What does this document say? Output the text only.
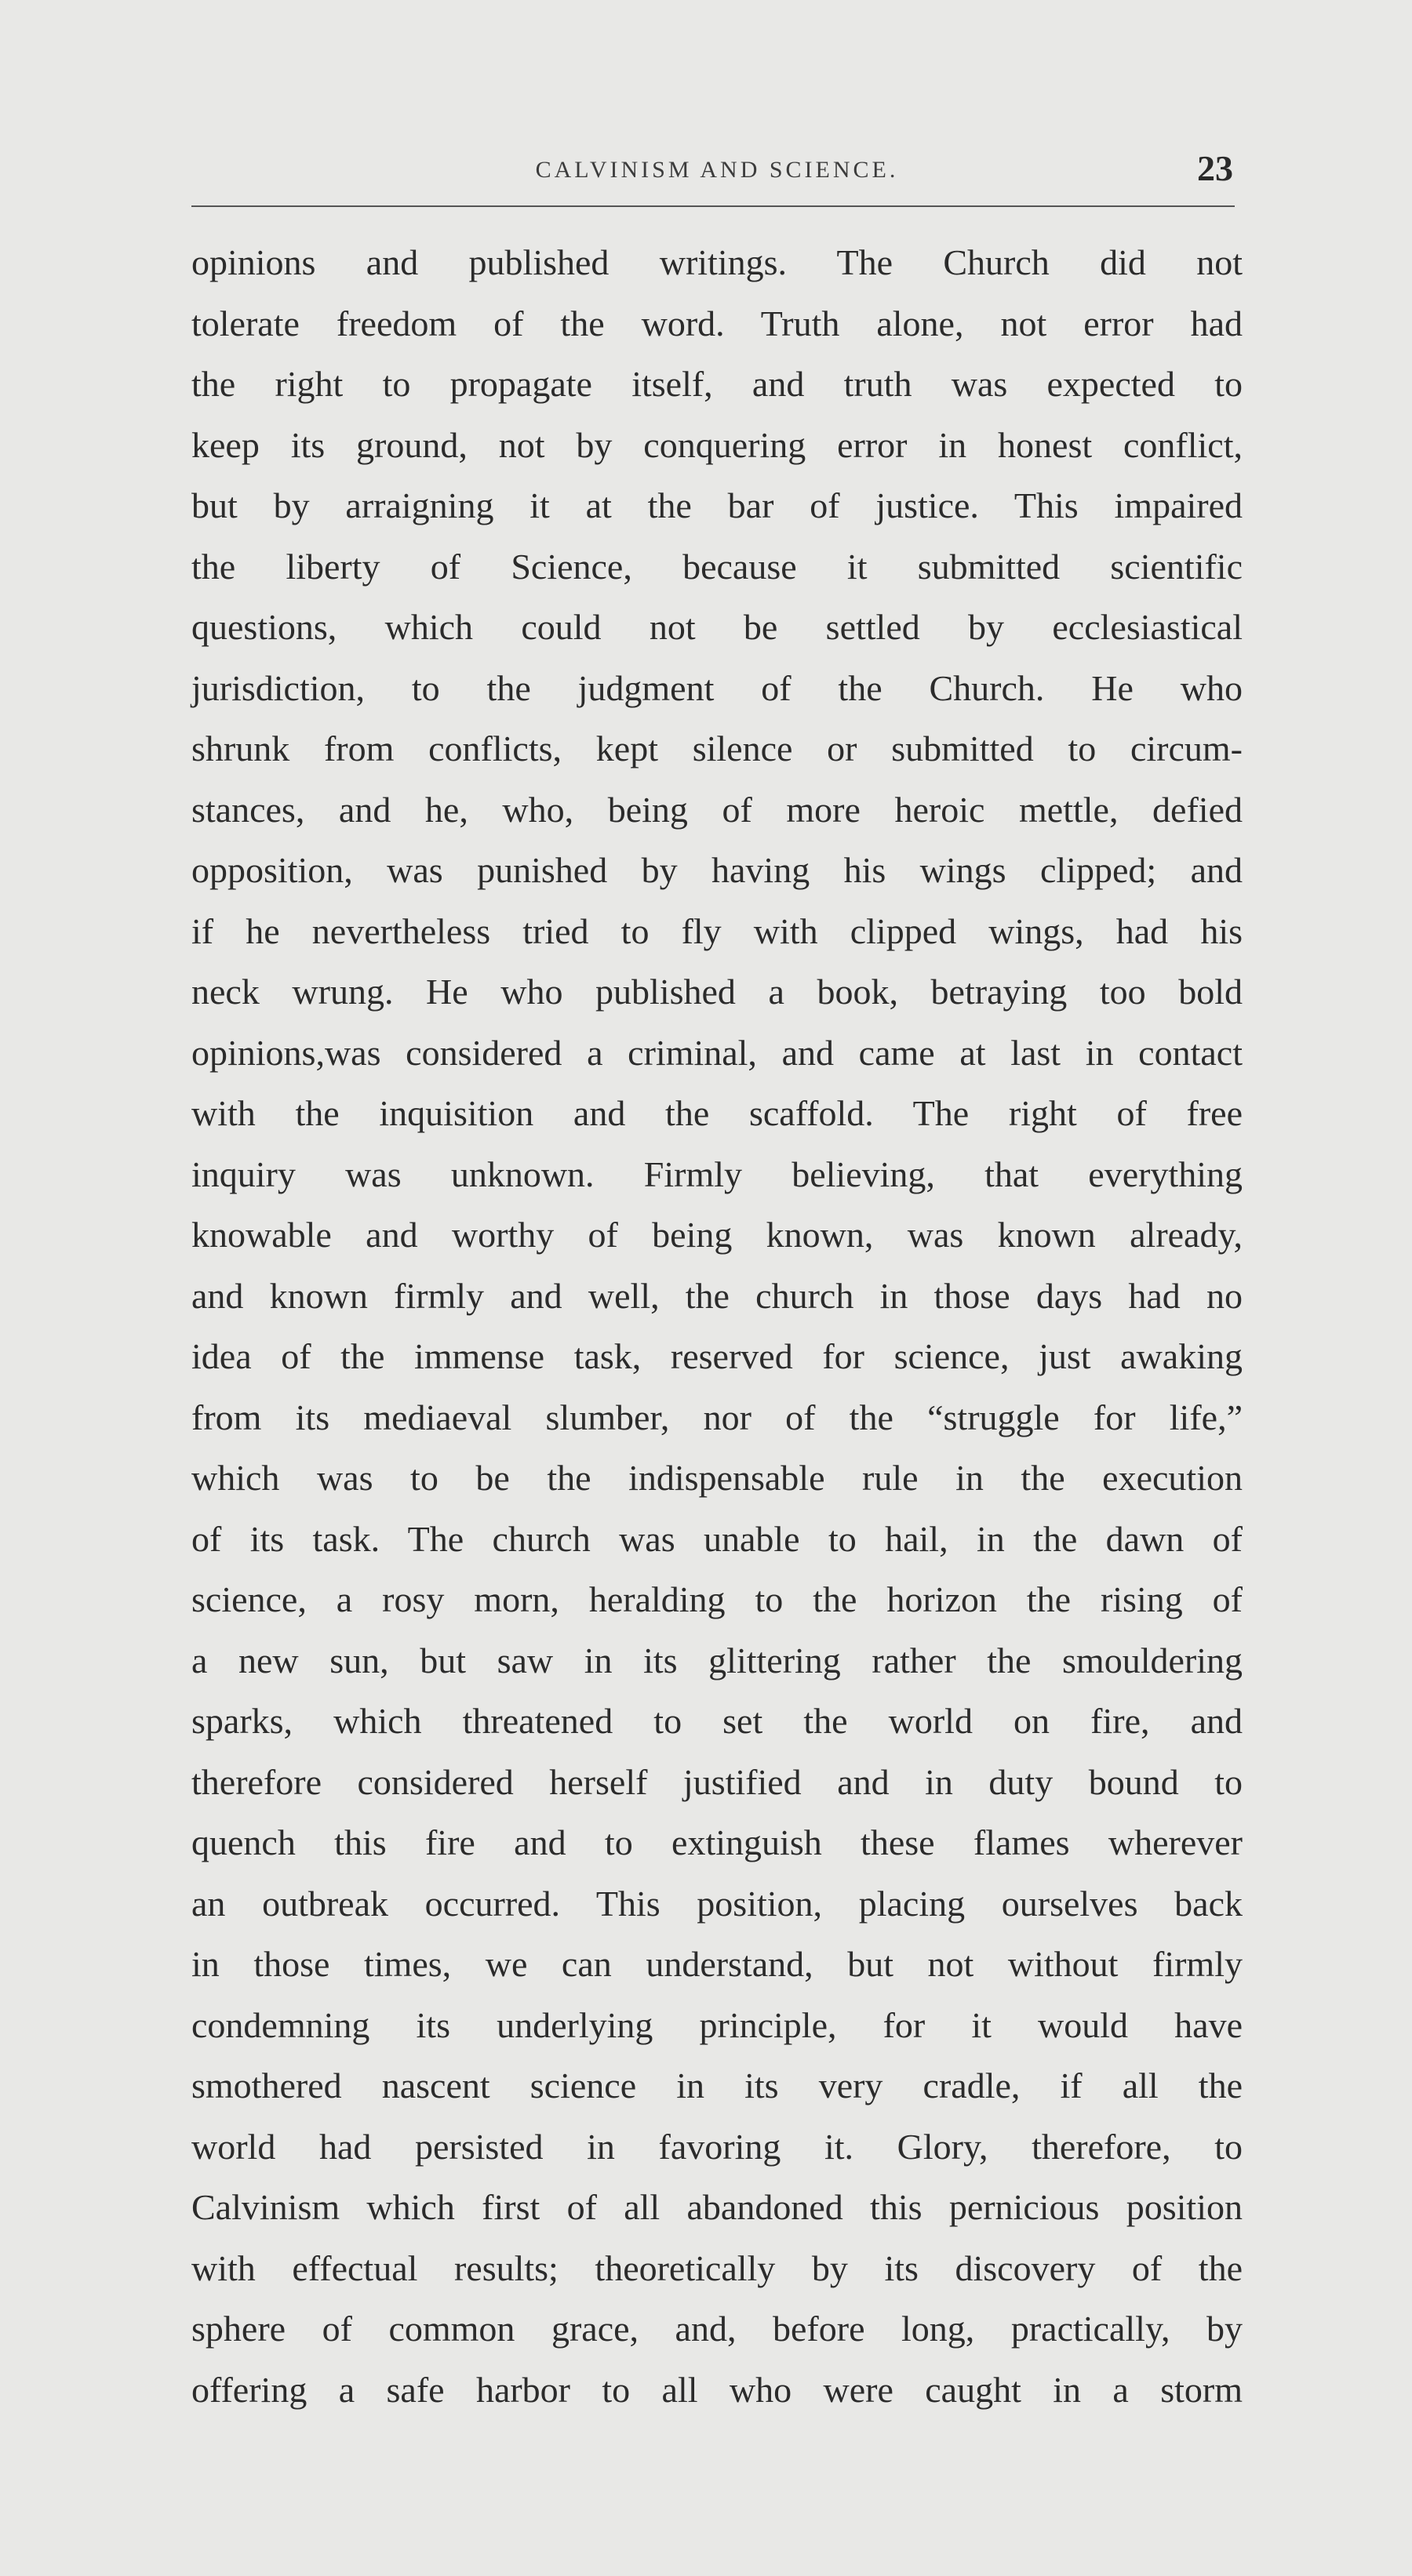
CALVINISM AND SCIENCE.	23
opinions and published writings. The Church did not
tolerate freedom of the word. Truth alone, not error had
the right to propagate itself, and truth was expected to
keep its ground, not by conquering error in honest conflict,
but by arraigning it at the bar of justice. This impaired
the liberty of Science, because it submitted scientific
questions, which could not be settled by ecclesiastical
jurisdiction, to the judgment of the Church. He who
shrunk from conflicts, kept silence or submitted to circum-
stances, and he, who, being of more heroic mettle, defied
opposition, was punished by having his wings clipped; and
if he nevertheless tried to fly with clipped wings, had his
neck wrung. He who published a book, betraying too bold
opinions,was considered a criminal, and came at last in contact
with the inquisition and the scaffold. The right of free
inquiry was unknown. Firmly believing, that everything
knowable and worthy of being known, was known already,
and known firmly and well, the church in those days had no
idea of the immense task, reserved for science, just awaking
from its mediaeval slumber, nor of the “struggle for life,”
which was to be the indispensable rule in the execution
of its task. The church was unable to hail, in the dawn of
science, a rosy morn, heralding to the horizon the rising of
a new sun, but saw in its glittering rather the smouldering
sparks, which threatened to set the world on fire, and
therefore considered herself justified and in duty bound to
quench this fire and to extinguish these flames wherever
an outbreak occurred. This position, placing ourselves back
in those times, we can understand, but not without firmly
condemning its underlying principle, for it would have
smothered nascent science in its very cradle, if all the
world had persisted in favoring it. Glory, therefore, to
Calvinism which first of all abandoned this pernicious position
with effectual results; theoretically by its discovery of the
sphere of common grace, and, before long, practically, by
offering a safe harbor to all who were caught in a storm
